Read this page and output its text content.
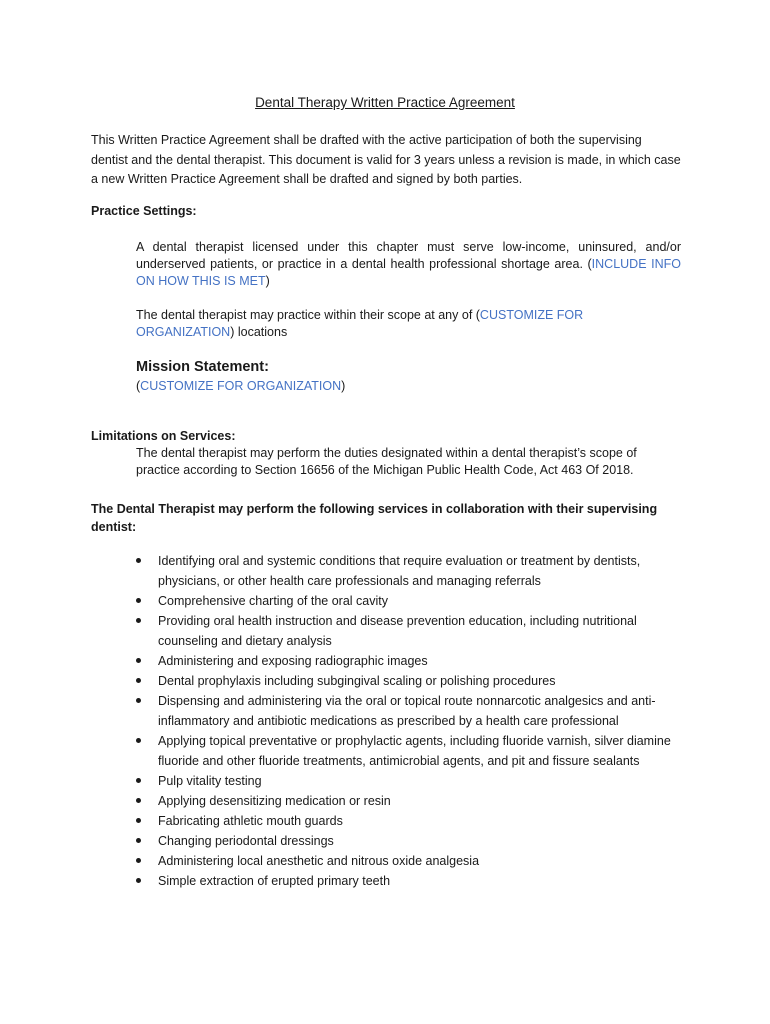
Dental Therapy Written Practice Agreement
This Written Practice Agreement shall be drafted with the active participation of both the supervising dentist and the dental therapist. This document is valid for 3 years unless a revision is made, in which case a new Written Practice Agreement shall be drafted and signed by both parties.
Practice Settings:
A dental therapist licensed under this chapter must serve low-income, uninsured, and/or underserved patients, or practice in a dental health professional shortage area. (INCLUDE INFO ON HOW THIS IS MET)
The dental therapist may practice within their scope at any of (CUSTOMIZE FOR ORGANIZATION) locations
Mission Statement:
(CUSTOMIZE FOR ORGANIZATION)
Limitations on Services:
The dental therapist may perform the duties designated within a dental therapist’s scope of practice according to Section 16656 of the Michigan Public Health Code, Act 463 Of 2018.
The Dental Therapist may perform the following services in collaboration with their supervising dentist:
Identifying oral and systemic conditions that require evaluation or treatment by dentists, physicians, or other health care professionals and managing referrals
Comprehensive charting of the oral cavity
Providing oral health instruction and disease prevention education, including nutritional counseling and dietary analysis
Administering and exposing radiographic images
Dental prophylaxis including subgingival scaling or polishing procedures
Dispensing and administering via the oral or topical route nonnarcotic analgesics and anti-inflammatory and antibiotic medications as prescribed by a health care professional
Applying topical preventative or prophylactic agents, including fluoride varnish, silver diamine fluoride and other fluoride treatments, antimicrobial agents, and pit and fissure sealants
Pulp vitality testing
Applying desensitizing medication or resin
Fabricating athletic mouth guards
Changing periodontal dressings
Administering local anesthetic and nitrous oxide analgesia
Simple extraction of erupted primary teeth
